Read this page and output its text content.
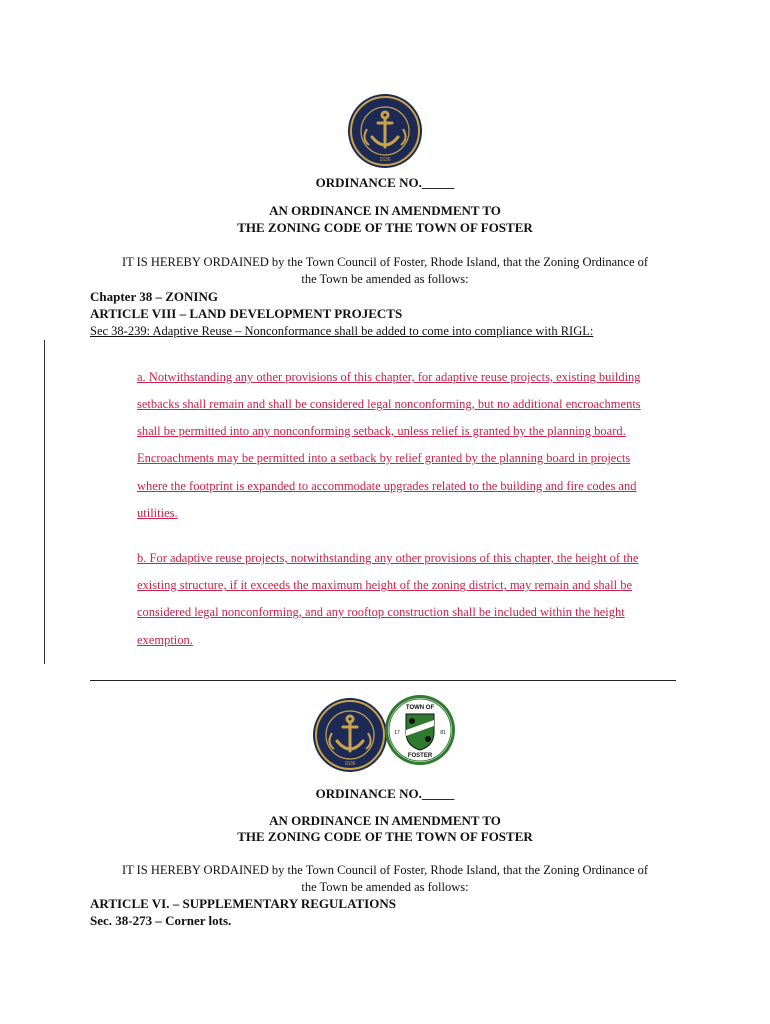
1636
ORDINANCE NO._____
AN ORDINANCE IN AMENDMENT TO
THE ZONING CODE OF THE TOWN OF FOSTER
IT IS HEREBY ORDAINED by the Town Council of Foster, Rhode Island, that the Zoning Ordinance of
the Town be amended as follows:
Chapter 38 – ZONING
ARTICLE VIII – LAND DEVELOPMENT PROJECTS
Sec 38-239: Adaptive Reuse – Nonconformance shall be added to come into compliance with RIGL:
a. Notwithstanding any other provisions of this chapter, for adaptive reuse projects, existing building
setbacks shall remain and shall be considered legal nonconforming, but no additional encroachments
shall be permitted into any nonconforming setback, unless relief is granted by the planning board.
Encroachments may be permitted into a setback by relief granted by the planning board in projects
where the footprint is expanded to accommodate upgrades related to the building and fire codes and
utilities.
b. For adaptive reuse projects, notwithstanding any other provisions of this chapter, the height of the
existing structure, if it exceeds the maximum height of the zoning district, may remain and shall be
considered legal nonconforming, and any rooftop construction shall be included within the height
exemption.
1636
TOWN OF
FOSTER
17	81
ORDINANCE NO._____
AN ORDINANCE IN AMENDMENT TO
THE ZONING CODE OF THE TOWN OF FOSTER
IT IS HEREBY ORDAINED by the Town Council of Foster, Rhode Island, that the Zoning Ordinance of
the Town be amended as follows:
ARTICLE VI. – SUPPLEMENTARY REGULATIONS
Sec. 38-273 – Corner lots.
